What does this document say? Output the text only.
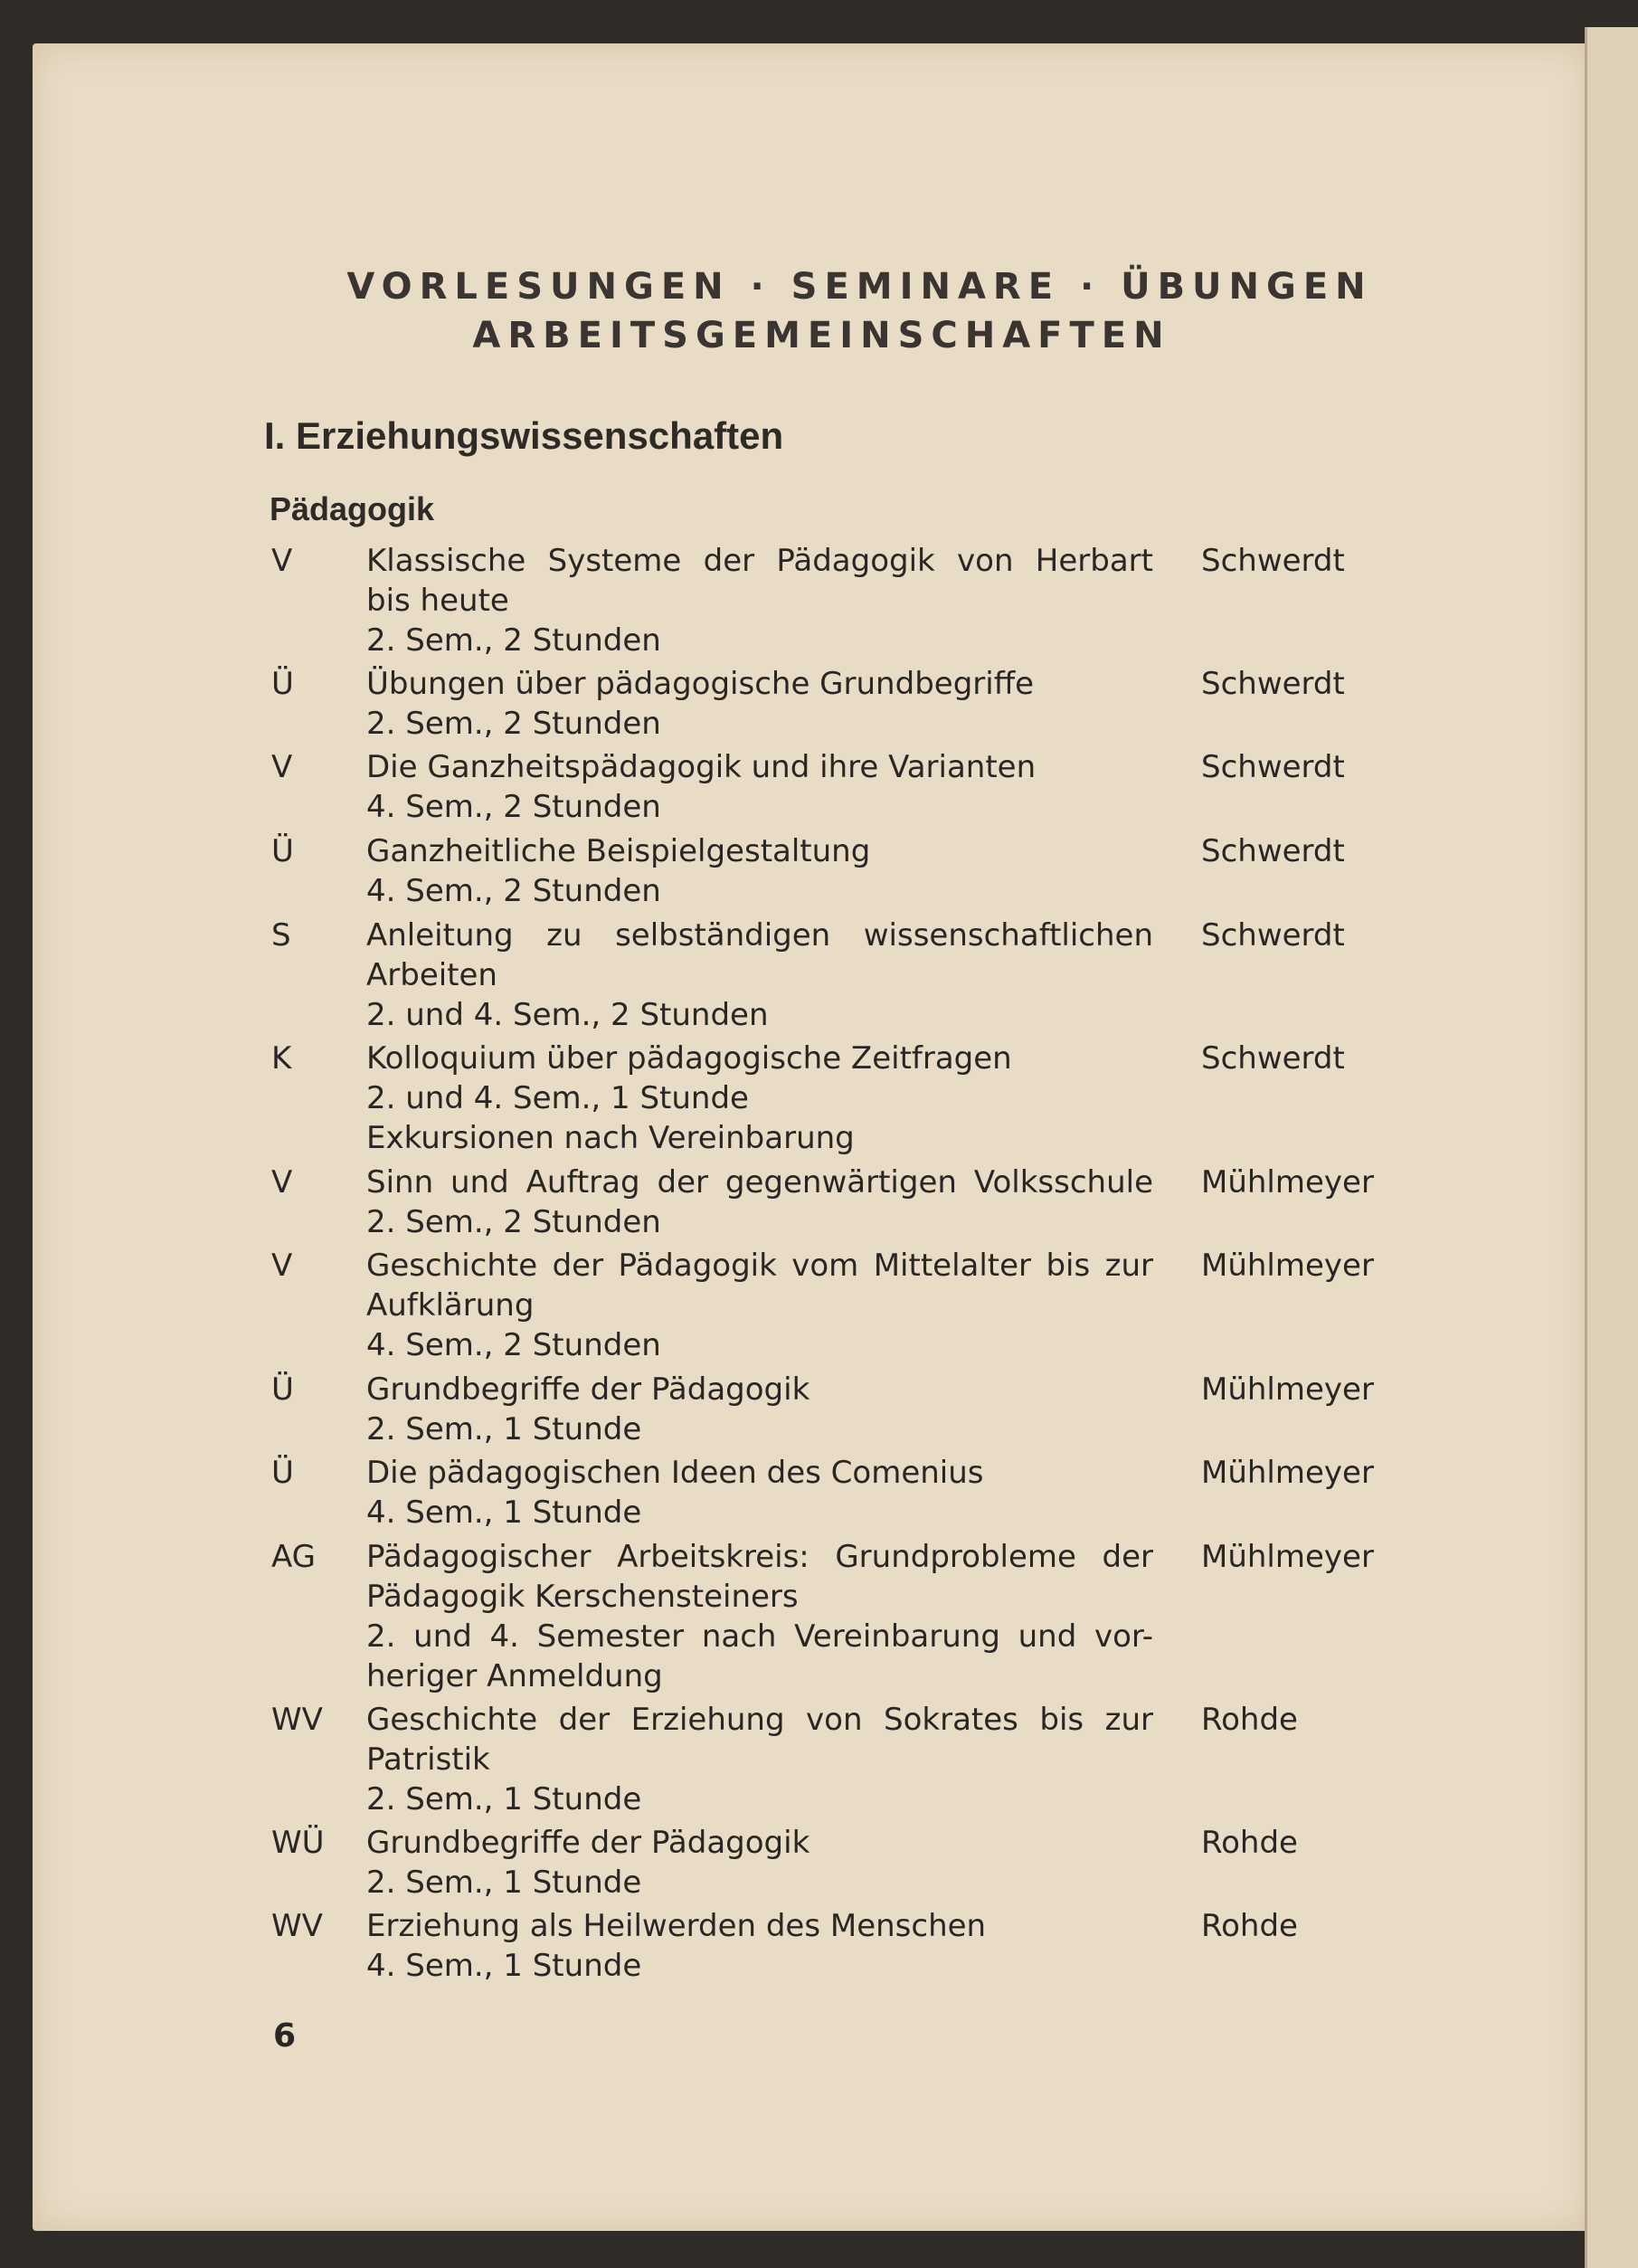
VORLESUNGEN · SEMINARE · ÜBUNGEN
ARBEITSGEMEINSCHAFTEN
I. Erziehungswissenschaften
Pädagogik
V Klassische Systeme der Pädagogik von Herbart
bis heute
2. Sem., 2 Stunden
Schwerdt
Ü Übungen über pädagogische Grundbegriffe
2. Sem., 2 Stunden
Schwerdt
V Die Ganzheitspädagogik und ihre Varianten
4. Sem., 2 Stunden
Schwerdt
Ü Ganzheitliche Beispielgestaltung
4. Sem., 2 Stunden
Schwerdt
S Anleitung zu selbständigen wissenschaftlichen
Arbeiten
2. und 4. Sem., 2 Stunden
Schwerdt
K Kolloquium über pädagogische Zeitfragen
2. und 4. Sem., 1 Stunde
Exkursionen nach Vereinbarung
Schwerdt
V Sinn und Auftrag der gegenwärtigen Volksschule
2. Sem., 2 Stunden
Mühlmeyer
V Geschichte der Pädagogik vom Mittelalter bis zur
Aufklärung
4. Sem., 2 Stunden
Mühlmeyer
Ü Grundbegriffe der Pädagogik
2. Sem., 1 Stunde
Mühlmeyer
Ü Die pädagogischen Ideen des Comenius
4. Sem., 1 Stunde
Mühlmeyer
AG Pädagogischer Arbeitskreis: Grundprobleme der
Pädagogik Kerschensteiners
2. und 4. Semester nach Vereinbarung und vor-
heriger Anmeldung
Mühlmeyer
WV Geschichte der Erziehung von Sokrates bis zur
Patristik
2. Sem., 1 Stunde
Rohde
WÜ Grundbegriffe der Pädagogik
2. Sem., 1 Stunde
Rohde
WV Erziehung als Heilwerden des Menschen
4. Sem., 1 Stunde
Rohde
6
